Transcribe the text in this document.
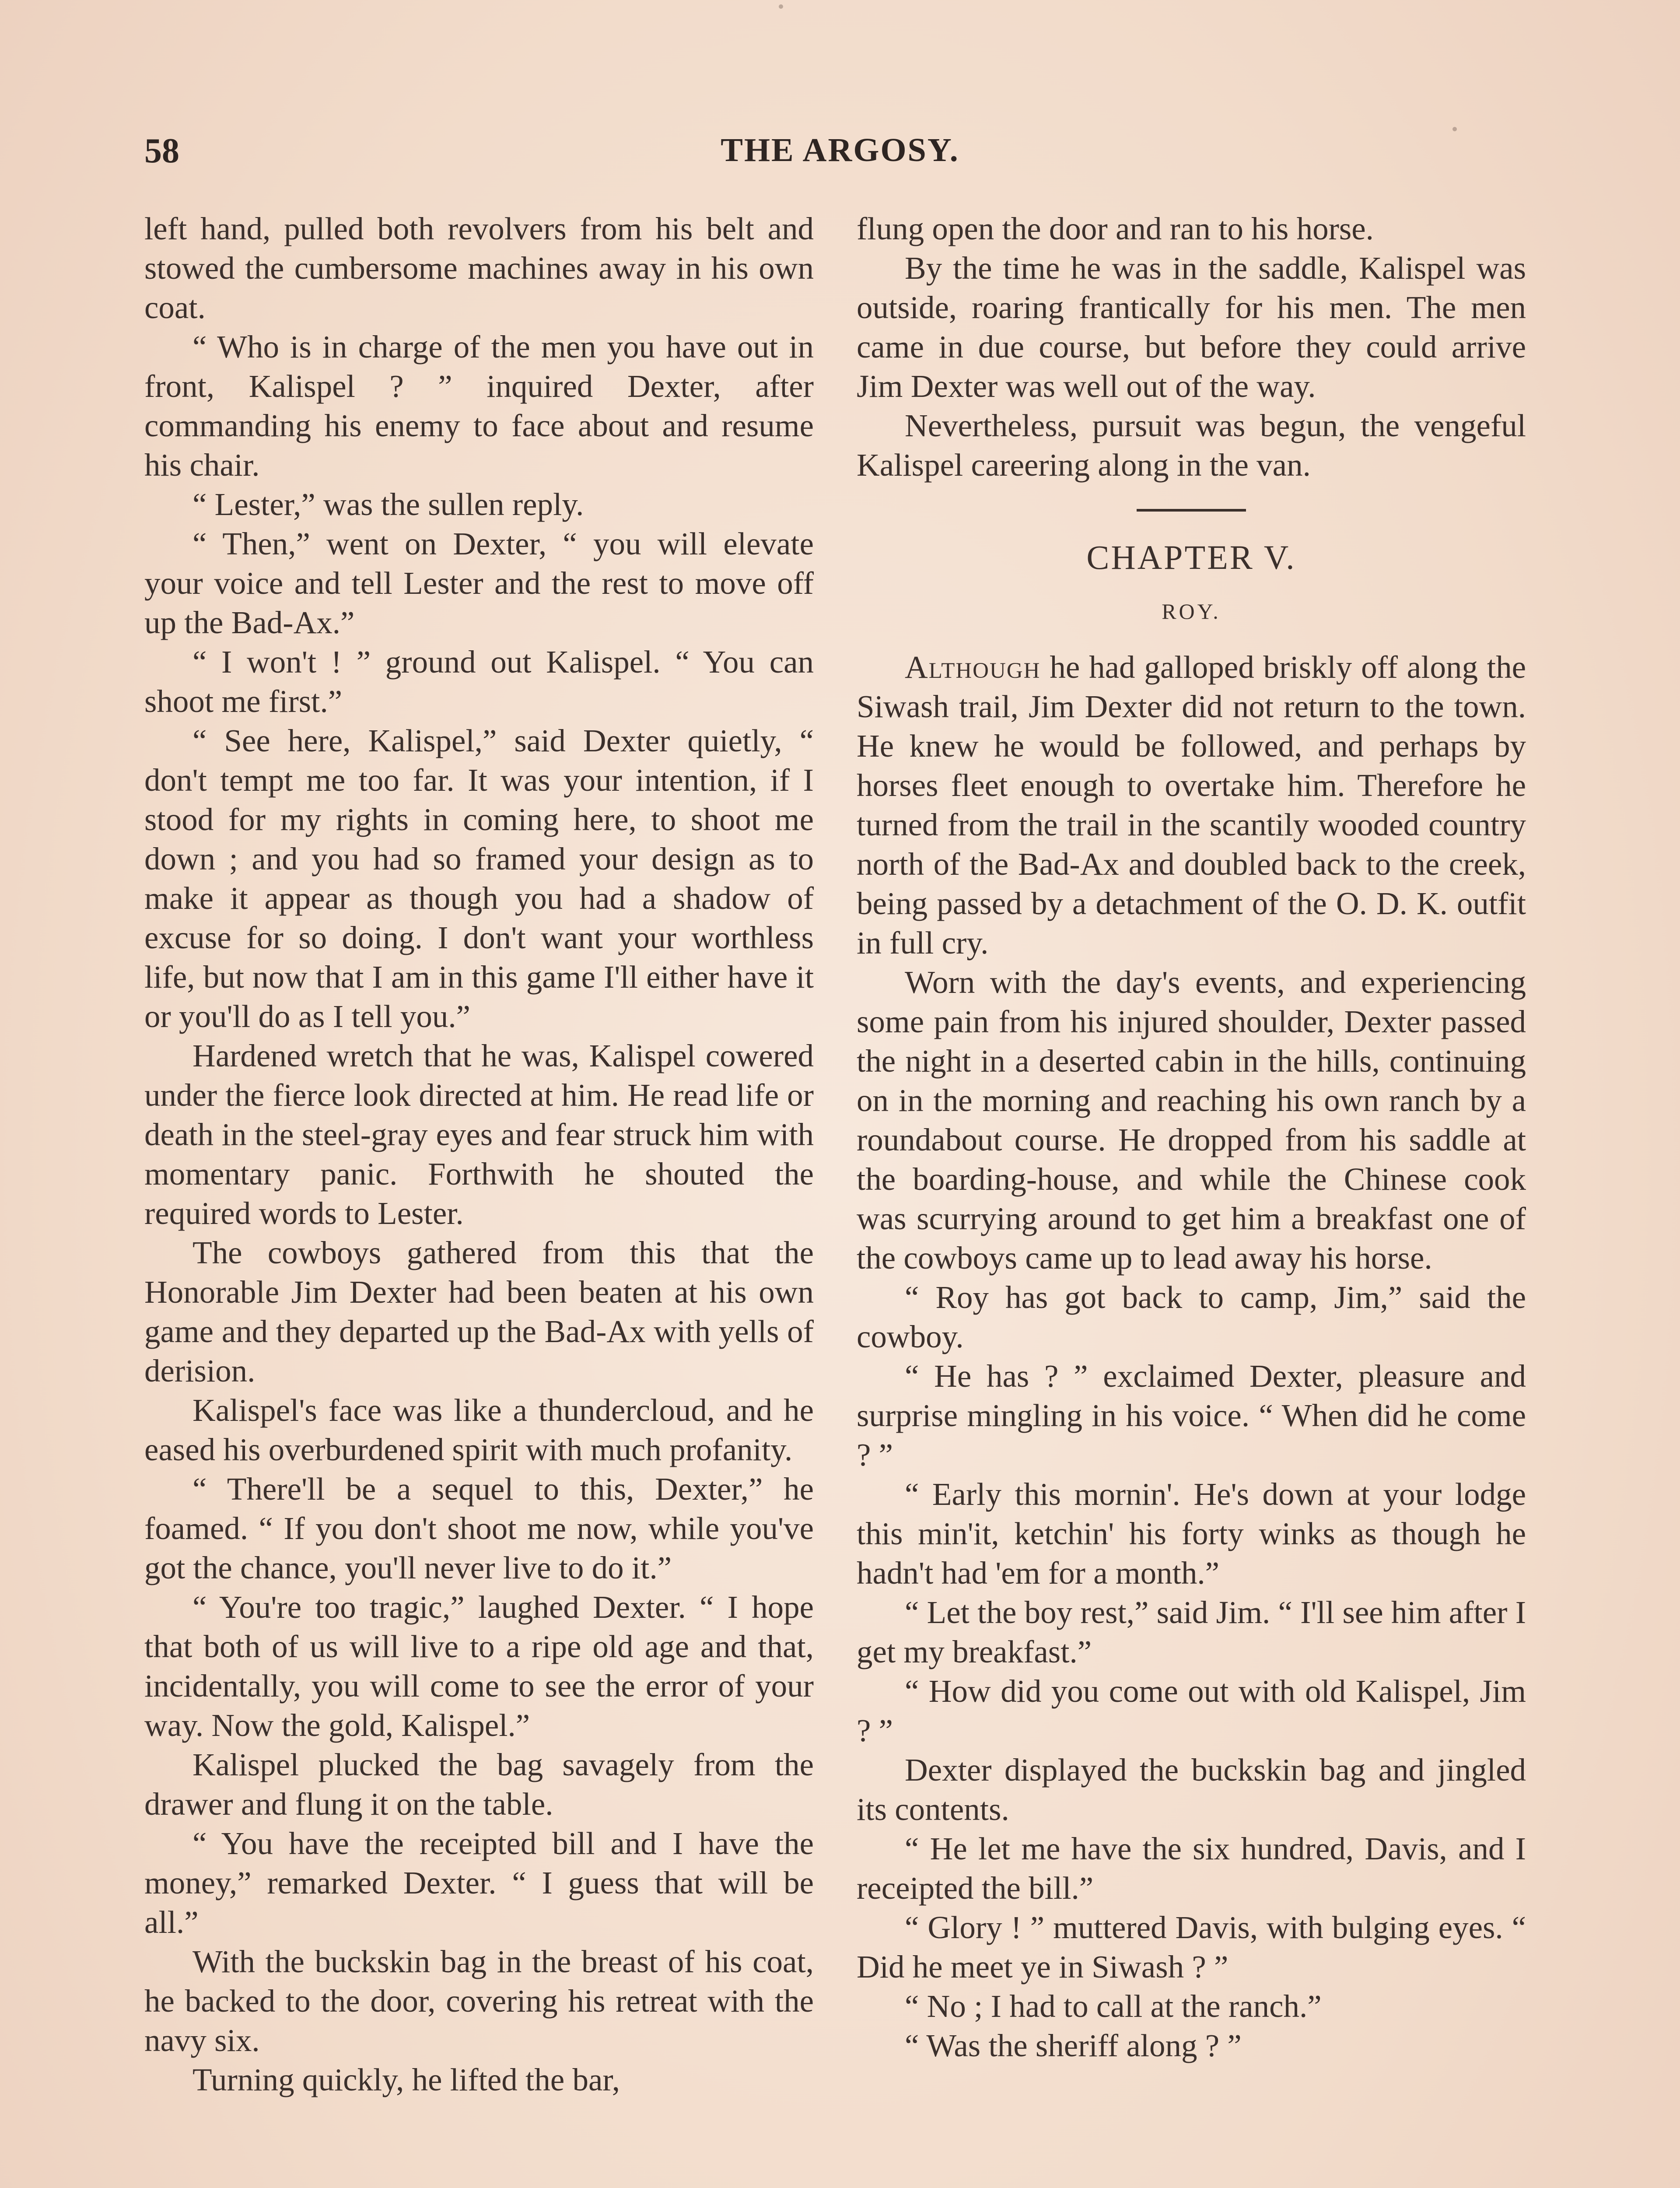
58	THE ARGOSY.

left hand, pulled both revolvers from his belt and stowed the cumbersome machines away in his own coat.

“ Who is in charge of the men you have out in front, Kalispel ? ” inquired Dexter, after commanding his enemy to face about and resume his chair.

“ Lester,” was the sullen reply.

“ Then,” went on Dexter, “ you will elevate your voice and tell Lester and the rest to move off up the Bad-Ax.”

“ I won't ! ” ground out Kalispel. “ You can shoot me first.”

“ See here, Kalispel,” said Dexter quietly, “ don't tempt me too far. It was your intention, if I stood for my rights in coming here, to shoot me down ; and you had so framed your design as to make it appear as though you had a shadow of excuse for so doing. I don't want your worthless life, but now that I am in this game I'll either have it or you'll do as I tell you.”

Hardened wretch that he was, Kalispel cowered under the fierce look directed at him. He read life or death in the steel-gray eyes and fear struck him with momentary panic. Forthwith he shouted the required words to Lester.

The cowboys gathered from this that the Honorable Jim Dexter had been beaten at his own game and they departed up the Bad-Ax with yells of derision.

Kalispel's face was like a thundercloud, and he eased his overburdened spirit with much profanity.

“ There'll be a sequel to this, Dexter,” he foamed. “ If you don't shoot me now, while you've got the chance, you'll never live to do it.”

“ You're too tragic,” laughed Dexter. “ I hope that both of us will live to a ripe old age and that, incidentally, you will come to see the error of your way. Now the gold, Kalispel.”

Kalispel plucked the bag savagely from the drawer and flung it on the table.

“ You have the receipted bill and I have the money,” remarked Dexter. “ I guess that will be all.”

With the buckskin bag in the breast of his coat, he backed to the door, covering his retreat with the navy six.

Turning quickly, he lifted the bar,

flung open the door and ran to his horse.

By the time he was in the saddle, Kalispel was outside, roaring frantically for his men. The men came in due course, but before they could arrive Jim Dexter was well out of the way.

Nevertheless, pursuit was begun, the vengeful Kalispel careering along in the van.

CHAPTER V.

ROY.

Although he had galloped briskly off along the Siwash trail, Jim Dexter did not return to the town. He knew he would be followed, and perhaps by horses fleet enough to overtake him. Therefore he turned from the trail in the scantily wooded country north of the Bad-Ax and doubled back to the creek, being passed by a detachment of the O. D. K. outfit in full cry.

Worn with the day's events, and experiencing some pain from his injured shoulder, Dexter passed the night in a deserted cabin in the hills, continuing on in the morning and reaching his own ranch by a roundabout course. He dropped from his saddle at the boarding-house, and while the Chinese cook was scurrying around to get him a breakfast one of the cowboys came up to lead away his horse.

“ Roy has got back to camp, Jim,” said the cowboy.

“ He has ? ” exclaimed Dexter, pleasure and surprise mingling in his voice. “ When did he come ? ”

“ Early this mornin'. He's down at your lodge this min'it, ketchin' his forty winks as though he hadn't had 'em for a month.”

“ Let the boy rest,” said Jim. “ I'll see him after I get my breakfast.”

“ How did you come out with old Kalispel, Jim ? ”

Dexter displayed the buckskin bag and jingled its contents.

“ He let me have the six hundred, Davis, and I receipted the bill.”

“ Glory ! ” muttered Davis, with bulging eyes. “ Did he meet ye in Siwash ? ”

“ No ; I had to call at the ranch.”

“ Was the sheriff along ? ”
